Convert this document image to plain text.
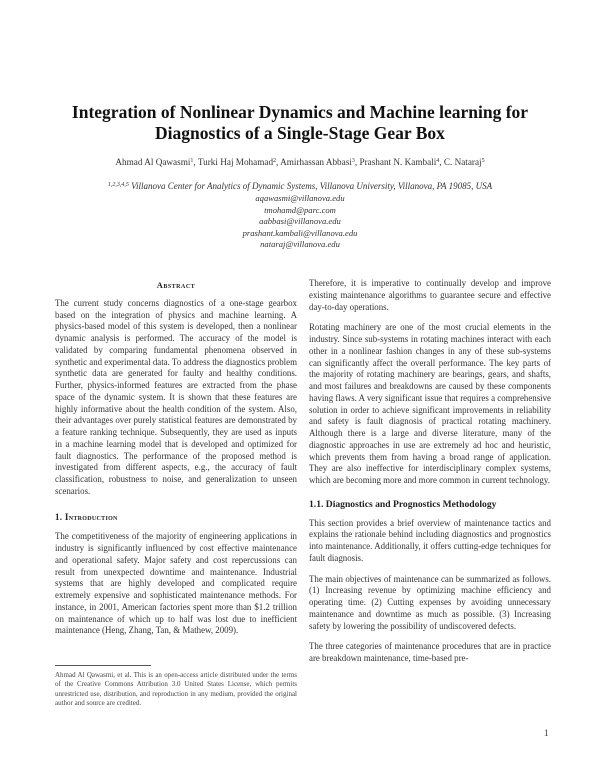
Integration of Nonlinear Dynamics and Machine learning for
Diagnostics of a Single-Stage Gear Box
Ahmad Al Qawasmi$^1$, Turki Haj Mohamad$^2$, Amirhassan Abbasi$^3$, Prashant N. Kambali$^4$, C. Nataraj$^5$
$^{1,2,3,4,5}$ Villanova Center for Analytics of Dynamic Systems, Villanova University, Villanova, PA 19085, USA
aqawasmi@villanova.edu
tmohamd@parc.com
aabbasi@villanova.edu
prashant.kambali@villanova.edu
nataraj@villanova.edu
Abstract

The current study concerns diagnostics of a one-stage gearbox based on the integration of physics and machine learning. A physics-based model of this system is developed, then a nonlinear dynamic analysis is performed. The accuracy of the model is validated by comparing fundamental phenomena observed in synthetic and experimental data. To address the diagnostics problem synthetic data are generated for faulty and healthy conditions. Further, physics-informed features are extracted from the phase space of the dynamic system. It is shown that these features are highly informative about the health condition of the system. Also, their advantages over purely statistical features are demonstrated by a feature ranking technique. Subsequently, they are used as inputs in a machine learning model that is developed and optimized for fault diagnostics. The performance of the proposed method is investigated from different aspects, e.g., the accuracy of fault classification, robustness to noise, and generalization to unseen scenarios.

1. Introduction

The competitiveness of the majority of engineering applications in industry is significantly influenced by cost effective maintenance and operational safety. Major safety and cost repercussions can result from unexpected downtime and maintenance. Industrial systems that are highly developed and complicated require extremely expensive and sophisticated maintenance methods. For instance, in 2001, American factories spent more than $1.2 trillion on maintenance of which up to half was lost due to inefficient maintenance (Heng, Zhang, Tan, & Mathew, 2009).

Therefore, it is imperative to continually develop and improve existing maintenance algorithms to guarantee secure and effective day-to-day operations.

Rotating machinery are one of the most crucial elements in the industry. Since sub-systems in rotating machines interact with each other in a nonlinear fashion changes in any of these sub-systems can significantly affect the overall performance. The key parts of the majority of rotating machinery are bearings, gears, and shafts, and most failures and breakdowns are caused by these components having flaws. A very significant issue that requires a comprehensive solution in order to achieve significant improvements in reliability and safety is fault diagnosis of practical rotating machinery. Although there is a large and diverse literature, many of the diagnostic approaches in use are extremely ad hoc and heuristic, which prevents them from having a broad range of application. They are also ineffective for interdisciplinary complex systems, which are becoming more and more common in current technology.

1.1. Diagnostics and Prognostics Methodology

This section provides a brief overview of maintenance tactics and explains the rationale behind including diagnostics and prognostics into maintenance. Additionally, it offers cutting-edge techniques for fault diagnosis.

The main objectives of maintenance can be summarized as follows. (1) Increasing revenue by optimizing machine efficiency and operating time. (2) Cutting expenses by avoiding unnecessary maintenance and downtime as much as possible. (3) Increasing safety by lowering the possibility of undiscovered defects.

The three categories of maintenance procedures that are in practice are breakdown maintenance, time-based pre-

Ahmad Al Qawasmi, et al. This is an open-access article distributed under the terms of the Creative Commons Attribution 3.0 United States License, which permits unrestricted use, distribution, and reproduction in any medium, provided the original author and source are credited.
1
